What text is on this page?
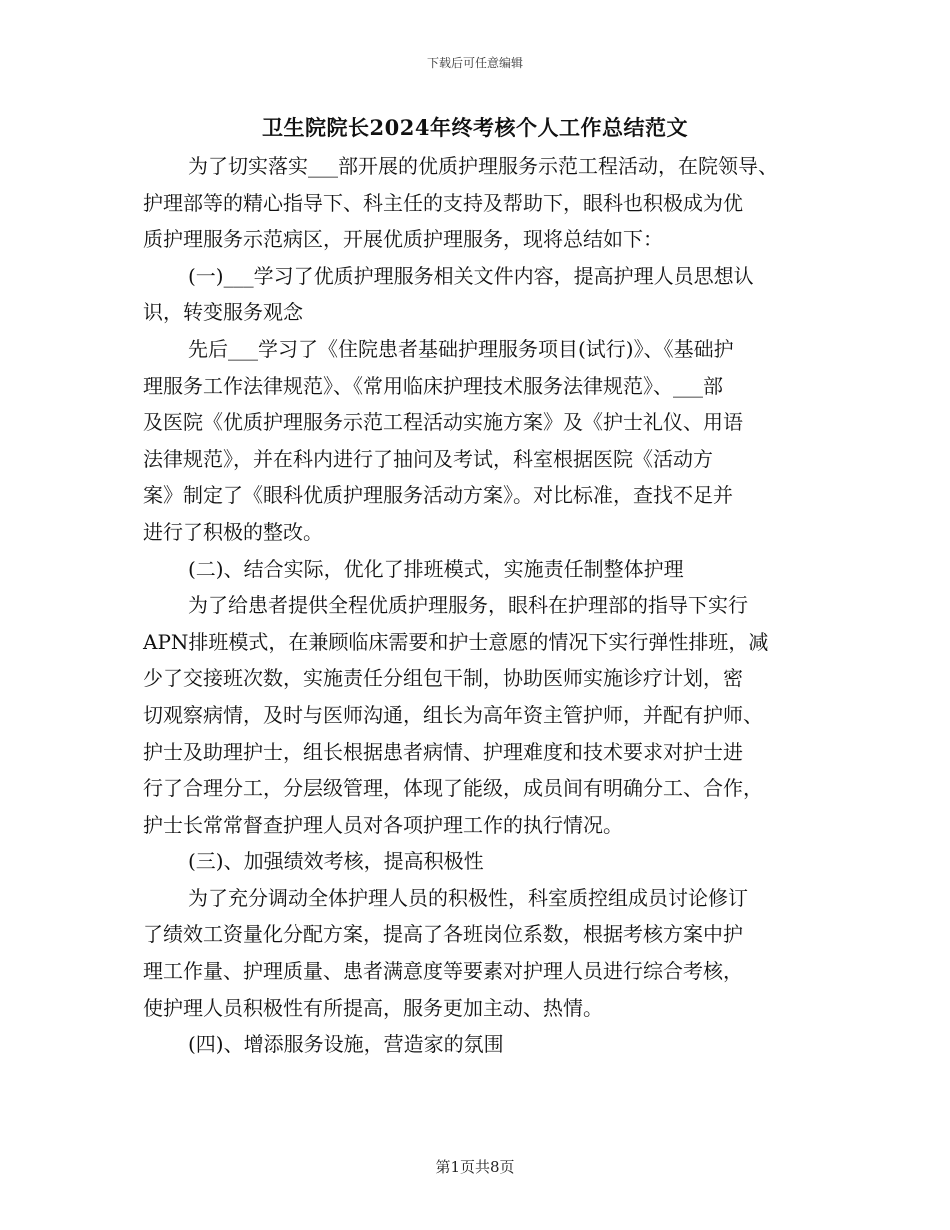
下载后可任意编辑
卫生院院长2024年终考核个人工作总结范文
为了切实落实___部开展的优质护理服务示范工程活动，在院领导、
护理部等的精心指导下、科主任的支持及帮助下，眼科也积极成为优
质护理服务示范病区，开展优质护理服务，现将总结如下：
(一)___学习了优质护理服务相关文件内容，提高护理人员思想认
识，转变服务观念
先后___学习了《住院患者基础护理服务项目(试行)》、《基础护
理服务工作法律规范》、《常用临床护理技术服务法律规范》、___部
及医院《优质护理服务示范工程活动实施方案》及《护士礼仪、用语
法律规范》，并在科内进行了抽问及考试，科室根据医院《活动方
案》制定了《眼科优质护理服务活动方案》。对比标准，查找不足并
进行了积极的整改。
(二)、结合实际，优化了排班模式，实施责任制整体护理
为了给患者提供全程优质护理服务，眼科在护理部的指导下实行
APN排班模式，在兼顾临床需要和护士意愿的情况下实行弹性排班，减
少了交接班次数，实施责任分组包干制，协助医师实施诊疗计划，密
切观察病情，及时与医师沟通，组长为高年资主管护师，并配有护师、
护士及助理护士，组长根据患者病情、护理难度和技术要求对护士进
行了合理分工，分层级管理，体现了能级，成员间有明确分工、合作，
护士长常常督查护理人员对各项护理工作的执行情况。
(三)、加强绩效考核，提高积极性
为了充分调动全体护理人员的积极性，科室质控组成员讨论修订
了绩效工资量化分配方案，提高了各班岗位系数，根据考核方案中护
理工作量、护理质量、患者满意度等要素对护理人员进行综合考核，
使护理人员积极性有所提高，服务更加主动、热情。
(四)、增添服务设施，营造家的氛围
第1页共8页
